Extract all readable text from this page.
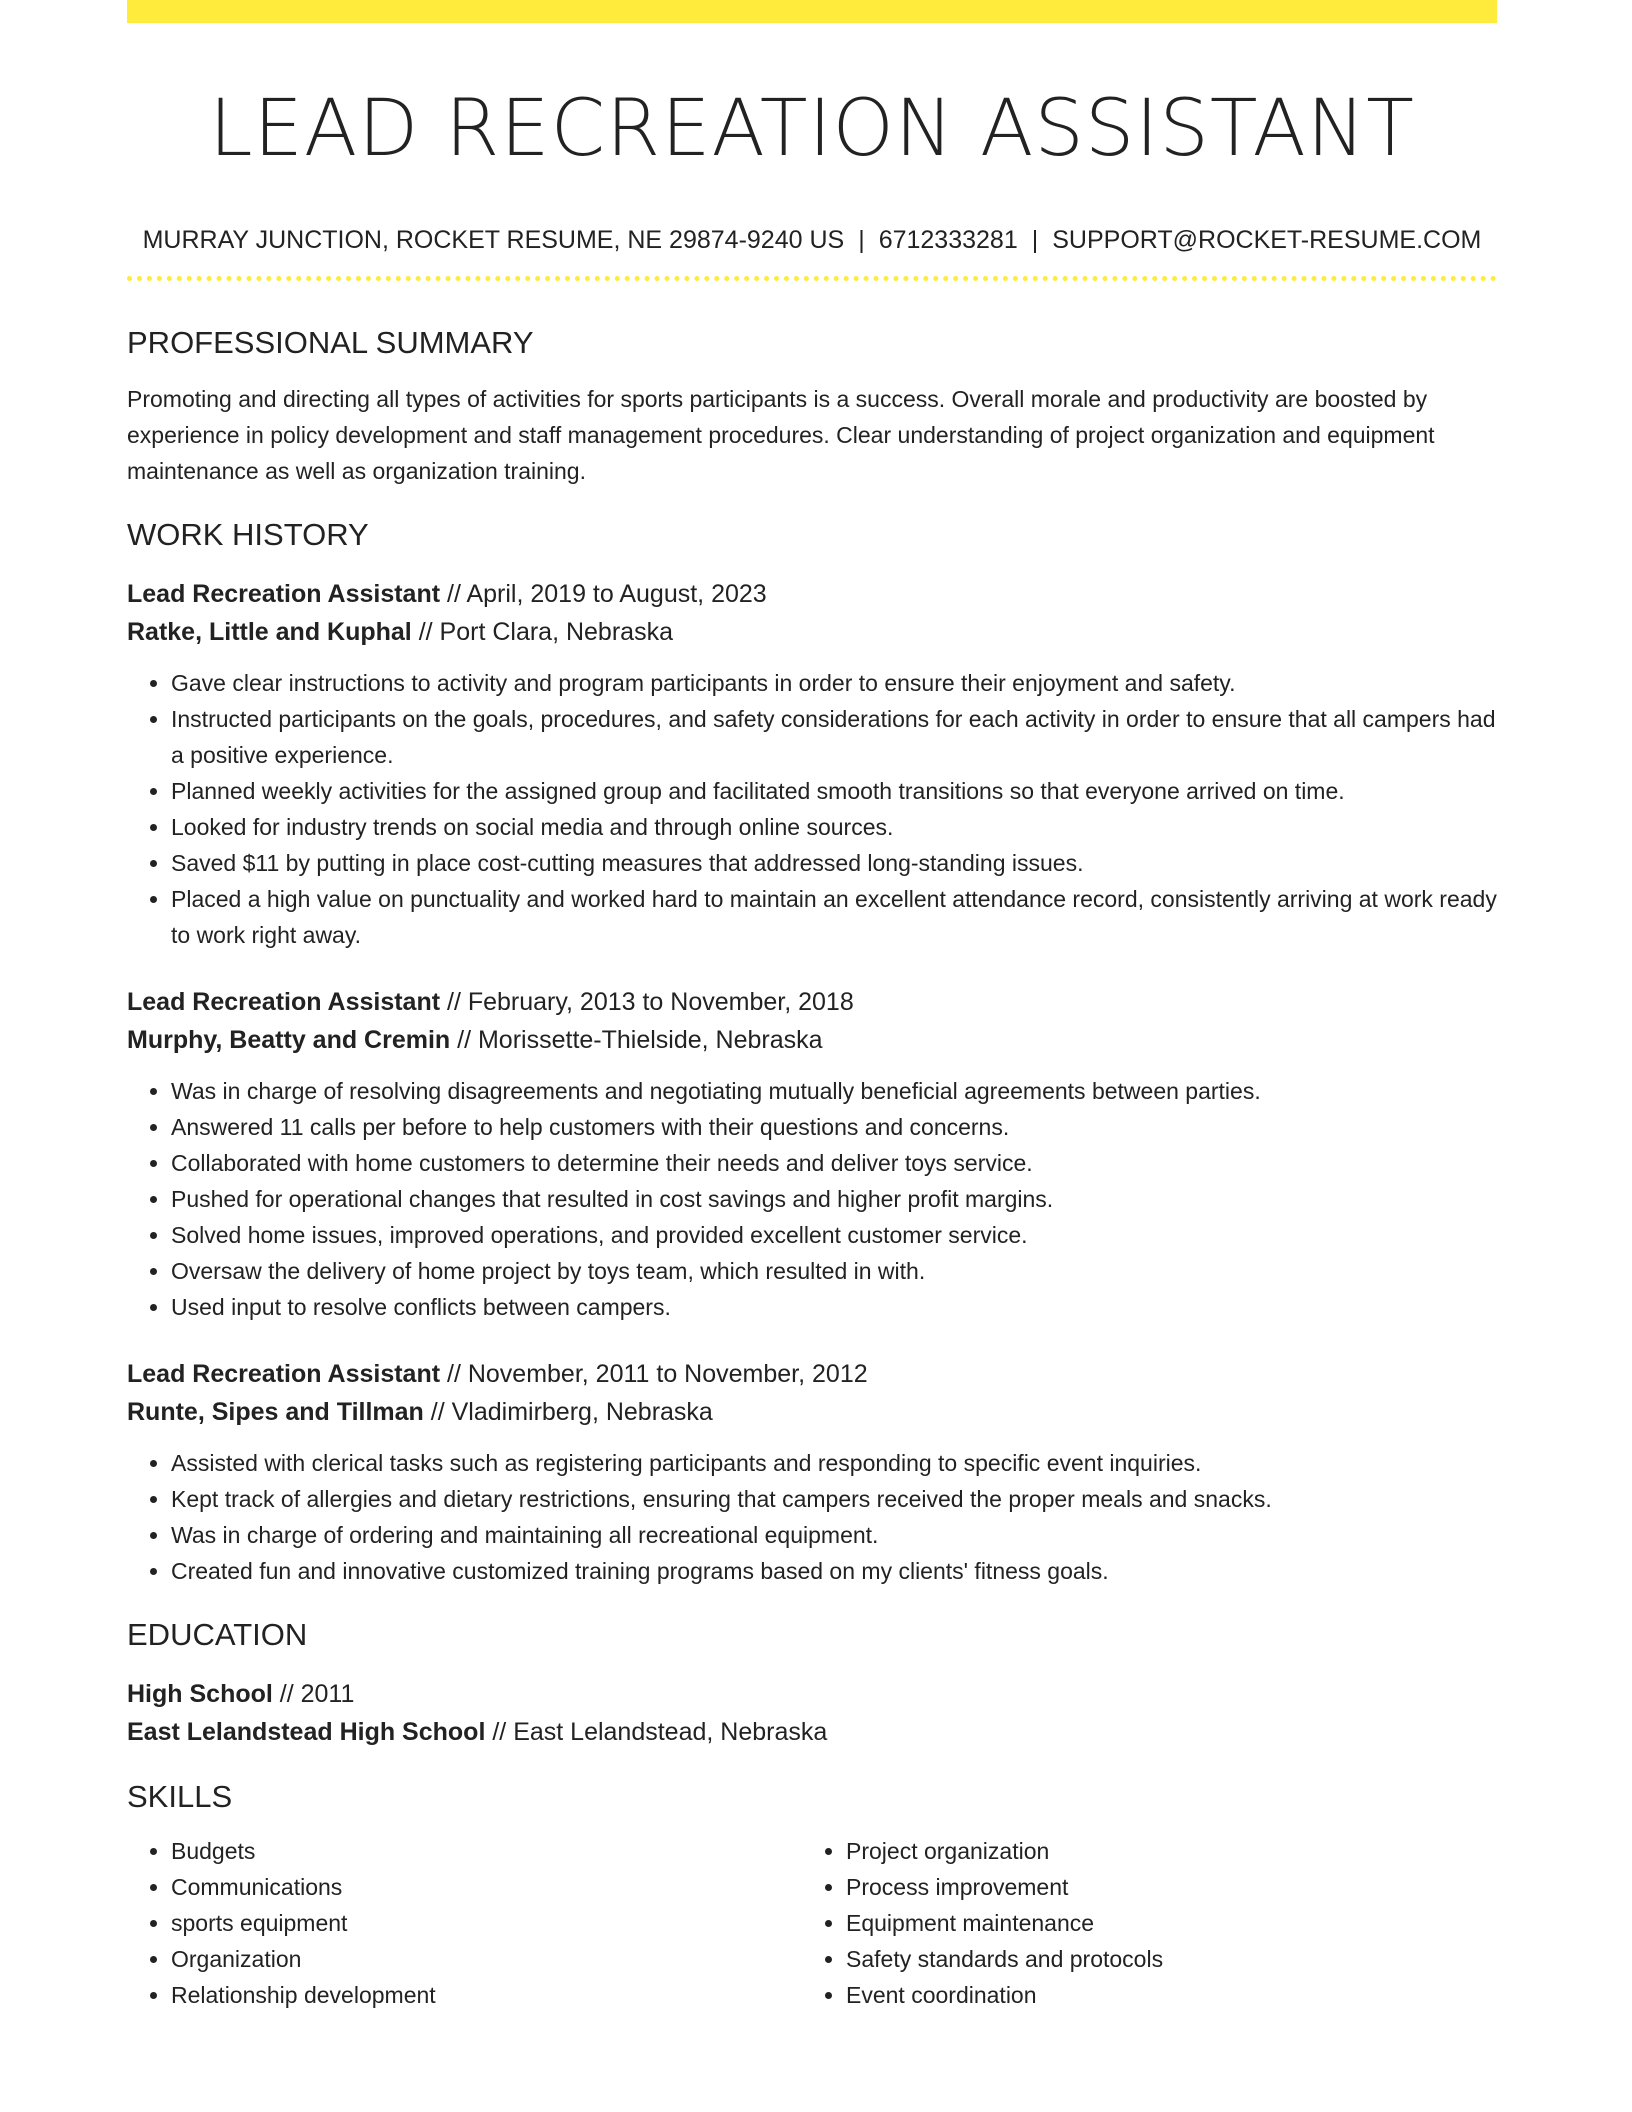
LEAD RECREATION ASSISTANT
MURRAY JUNCTION, ROCKET RESUME, NE 29874-9240 US | 6712333281 | SUPPORT@ROCKET-RESUME.COM
PROFESSIONAL SUMMARY
Promoting and directing all types of activities for sports participants is a success. Overall morale and productivity are boosted by experience in policy development and staff management procedures. Clear understanding of project organization and equipment maintenance as well as organization training.
WORK HISTORY
Lead Recreation Assistant // April, 2019 to August, 2023
Ratke, Little and Kuphal // Port Clara, Nebraska
• Gave clear instructions to activity and program participants in order to ensure their enjoyment and safety.
• Instructed participants on the goals, procedures, and safety considerations for each activity in order to ensure that all campers had a positive experience.
• Planned weekly activities for the assigned group and facilitated smooth transitions so that everyone arrived on time.
• Looked for industry trends on social media and through online sources.
• Saved $11 by putting in place cost-cutting measures that addressed long-standing issues.
• Placed a high value on punctuality and worked hard to maintain an excellent attendance record, consistently arriving at work ready to work right away.
Lead Recreation Assistant // February, 2013 to November, 2018
Murphy, Beatty and Cremin // Morissette-Thielside, Nebraska
• Was in charge of resolving disagreements and negotiating mutually beneficial agreements between parties.
• Answered 11 calls per before to help customers with their questions and concerns.
• Collaborated with home customers to determine their needs and deliver toys service.
• Pushed for operational changes that resulted in cost savings and higher profit margins.
• Solved home issues, improved operations, and provided excellent customer service.
• Oversaw the delivery of home project by toys team, which resulted in with.
• Used input to resolve conflicts between campers.
Lead Recreation Assistant // November, 2011 to November, 2012
Runte, Sipes and Tillman // Vladimirberg, Nebraska
• Assisted with clerical tasks such as registering participants and responding to specific event inquiries.
• Kept track of allergies and dietary restrictions, ensuring that campers received the proper meals and snacks.
• Was in charge of ordering and maintaining all recreational equipment.
• Created fun and innovative customized training programs based on my clients' fitness goals.
EDUCATION
High School // 2011
East Lelandstead High School // East Lelandstead, Nebraska
SKILLS
• Budgets
• Communications
• sports equipment
• Organization
• Relationship development
• Project organization
• Process improvement
• Equipment maintenance
• Safety standards and protocols
• Event coordination
